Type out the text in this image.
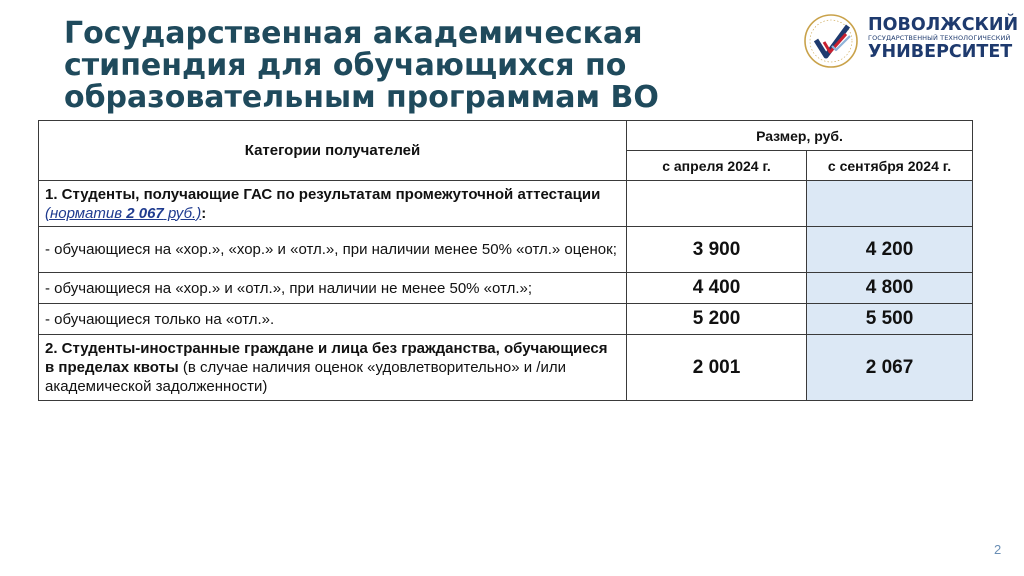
Государственная академическая
стипендия для обучающихся по
образовательным программам ВО
ПОВОЛЖСКИЙ
ГОСУДАРСТВЕННЫЙ ТЕХНОЛОГИЧЕСКИЙ
УНИВЕРСИТЕТ
Категории получателей	Размер, руб.	
	с апреля 2024 г.	с сентября 2024 г.
1. Студенты, получающие ГАС по результатам промежуточной аттестации (норматив 2 067 руб.):		
- обучающиеся на «хор.», «хор.» и «отл.», при наличии менее 50% «отл.» оценок;	3 900	4 200
- обучающиеся на «хор.» и «отл.», при наличии не менее 50% «отл.»;	4 400	4 800
- обучающиеся только на «отл.».	5 200	5 500
2. Студенты-иностранные граждане и лица без гражданства, обучающиеся в пределах квоты (в случае наличия оценок «удовлетворительно» и /или академической задолженности)	2 001	2 067
2
